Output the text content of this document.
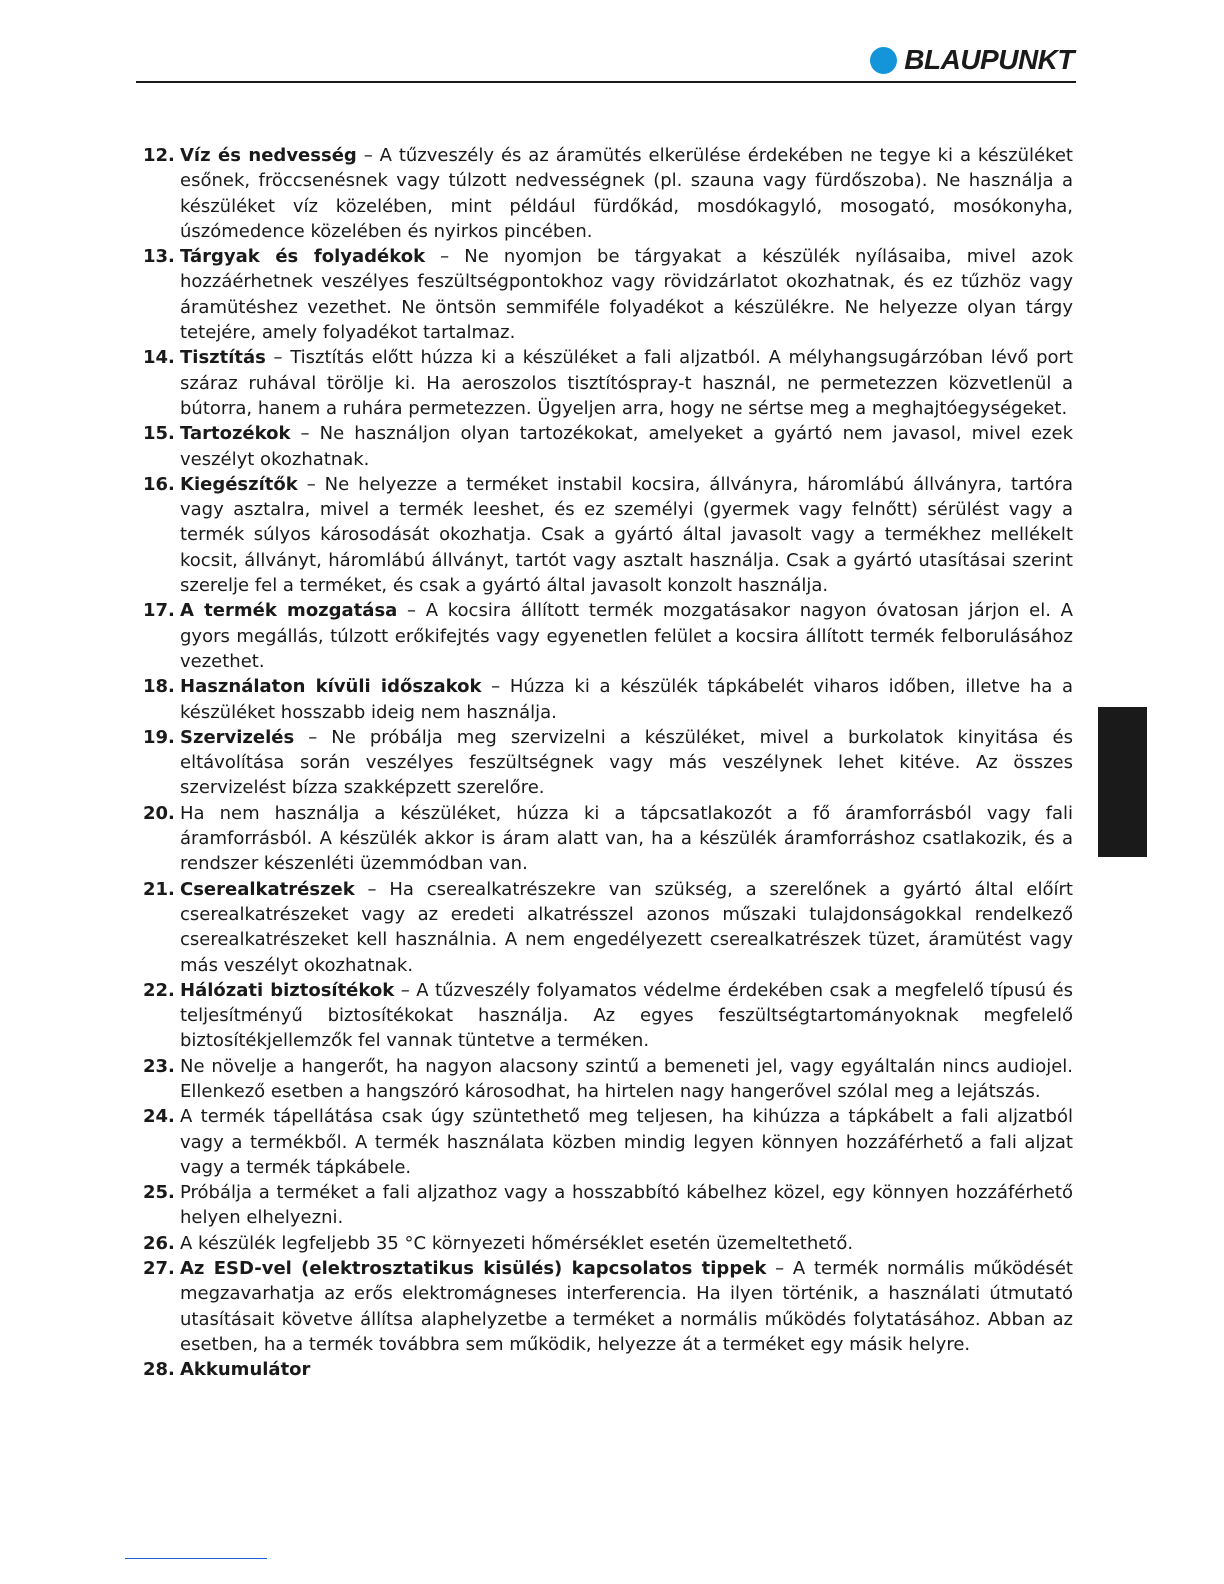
BLAUPUNKT

12. Víz és nedvesség – A tűzveszély és az áramütés elkerülése érdekében ne tegye ki a készüléket esőnek, fröccsenésnek vagy túlzott nedvességnek (pl. szauna vagy fürdőszoba). Ne használja a készüléket víz közelében, mint például fürdőkád, mosdókagyló, mosogató, mosókonyha, úszómedence közelében és nyirkos pincében.

13. Tárgyak és folyadékok – Ne nyomjon be tárgyakat a készülék nyílásaiba, mivel azok hozzáérhetnek veszélyes feszültségpontokhoz vagy rövidzárlatot okozhatnak, és ez tűzhöz vagy áramütéshez vezethet. Ne öntsön semmiféle folyadékot a készülékre. Ne helyezze olyan tárgy tetejére, amely folyadékot tartalmaz.

14. Tisztítás – Tisztítás előtt húzza ki a készüléket a fali aljzatból. A mélyhangsugárzóban lévő port száraz ruhával törölje ki. Ha aeroszolos tisztítóspray-t használ, ne permetezzen közvetlenül a bútorra, hanem a ruhára permetezzen. Ügyeljen arra, hogy ne sértse meg a meghajtóegységeket.

15. Tartozékok – Ne használjon olyan tartozékokat, amelyeket a gyártó nem javasol, mivel ezek veszélyt okozhatnak.

16. Kiegészítők – Ne helyezze a terméket instabil kocsira, állványra, háromlábú állványra, tartóra vagy asztalra, mivel a termék leeshet, és ez személyi (gyermek vagy felnőtt) sérülést vagy a termék súlyos károsodását okozhatja. Csak a gyártó által javasolt vagy a termékhez mellékelt kocsit, állványt, háromlábú állványt, tartót vagy asztalt használja. Csak a gyártó utasításai szerint szerelje fel a terméket, és csak a gyártó által javasolt konzolt használja.

17. A termék mozgatása – A kocsira állított termék mozgatásakor nagyon óvatosan járjon el. A gyors megállás, túlzott erőkifejtés vagy egyenetlen felület a kocsira állított termék felborulásához vezethet.

18. Használaton kívüli időszakok – Húzza ki a készülék tápkábelét viharos időben, illetve ha a készüléket hosszabb ideig nem használja.

19. Szervizelés – Ne próbálja meg szervizelni a készüléket, mivel a burkolatok kinyitása és eltávolítása során veszélyes feszültségnek vagy más veszélynek lehet kitéve. Az összes szervizelést bízza szakképzett szerelőre.

20. Ha nem használja a készüléket, húzza ki a tápcsatlakozót a fő áramforrásból vagy fali áramforrásból. A készülék akkor is áram alatt van, ha a készülék áramforráshoz csatlakozik, és a rendszer készenléti üzemmódban van.

21. Cserealkatrészek – Ha cserealkatrészekre van szükség, a szerelőnek a gyártó által előírt cserealkatrészeket vagy az eredeti alkatrésszel azonos műszaki tulajdonságokkal rendelkező cserealkatrészeket kell használnia. A nem engedélyezett cserealkatrészek tüzet, áramütést vagy más veszélyt okozhatnak.

22. Hálózati biztosítékok – A tűzveszély folyamatos védelme érdekében csak a megfelelő típusú és teljesítményű biztosítékokat használja. Az egyes feszültségtartományoknak megfelelő biztosítékjellemzők fel vannak tüntetve a terméken.

23. Ne növelje a hangerőt, ha nagyon alacsony szintű a bemeneti jel, vagy egyáltalán nincs audiojel. Ellenkező esetben a hangszóró károsodhat, ha hirtelen nagy hangerővel szólal meg a lejátszás.

24. A termék tápellátása csak úgy szüntethető meg teljesen, ha kihúzza a tápkábelt a fali aljzatból vagy a termékből. A termék használata közben mindig legyen könnyen hozzáférhető a fali aljzat vagy a termék tápkábele.

25. Próbálja a terméket a fali aljzathoz vagy a hosszabbító kábelhez közel, egy könnyen hozzáférhető helyen elhelyezni.

26. A készülék legfeljebb 35 °C környezeti hőmérséklet esetén üzemeltethető.

27. Az ESD-vel (elektrosztatikus kisülés) kapcsolatos tippek – A termék normális működését megzavarhatja az erős elektromágneses interferencia. Ha ilyen történik, a használati útmutató utasításait követve állítsa alaphelyzetbe a terméket a normális működés folytatásához. Abban az esetben, ha a termék továbbra sem működik, helyezze át a terméket egy másik helyre.

28. Akkumulátor
